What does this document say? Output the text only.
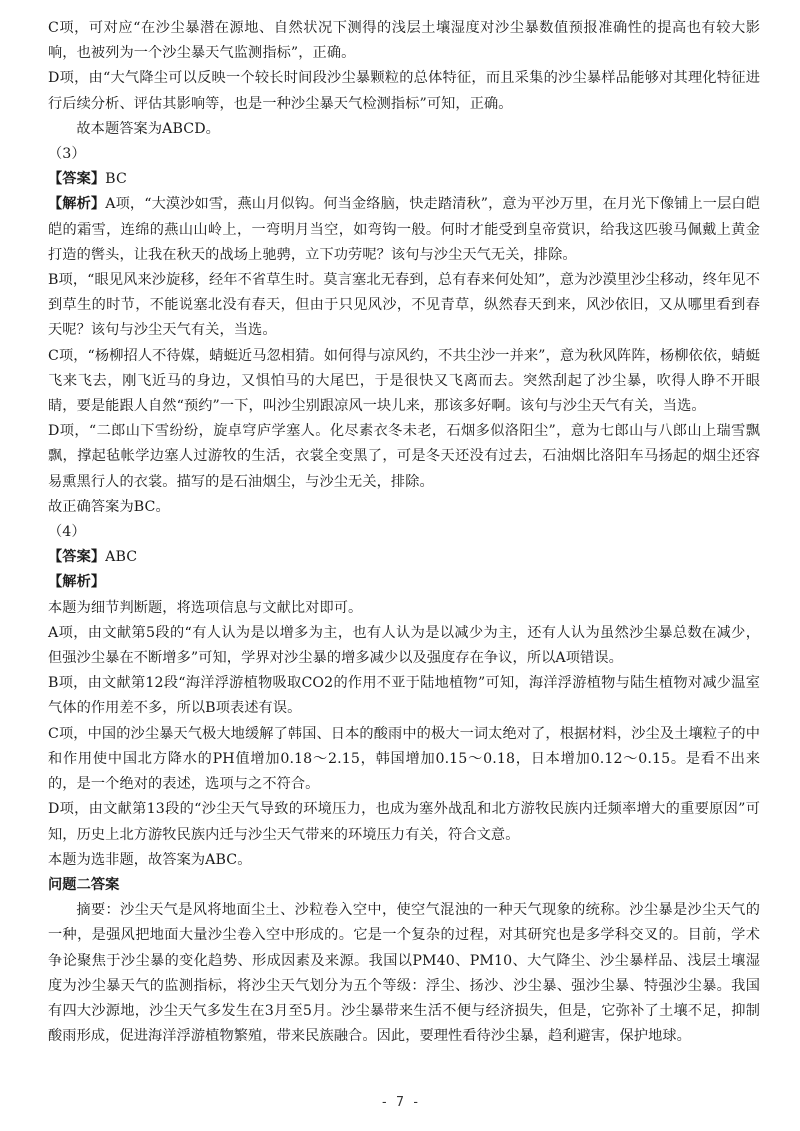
C项，可对应“在沙尘暴潜在源地、自然状况下测得的浅层土壤湿度对沙尘暴数值预报准确性的提高也有较大影响，也被列为一个沙尘暴天气监测指标”，正确。

D项，由“大气降尘可以反映一个较长时间段沙尘暴颗粒的总体特征，而且采集的沙尘暴样品能够对其理化特征进行后续分析、评估其影响等，也是一种沙尘暴天气检测指标”可知，正确。

故本题答案为ABCD。

（3）

【答案】BC

【解析】A项，“大漠沙如雪，燕山月似钩。何当金络脑，快走踏清秋”，意为平沙万里，在月光下像铺上一层白皑皑的霜雪，连绵的燕山山岭上，一弯明月当空，如弯钩一般。何时才能受到皇帝赏识，给我这匹骏马佩戴上黄金打造的辔头，让我在秋天的战场上驰骋，立下功劳呢？该句与沙尘天气无关，排除。

B项，“眼见风来沙旋移，经年不省草生时。莫言塞北无春到，总有春来何处知”，意为沙漠里沙尘移动，终年见不到草生的时节，不能说塞北没有春天，但由于只见风沙，不见青草，纵然春天到来，风沙依旧，又从哪里看到春天呢？该句与沙尘天气有关，当选。

C项，“杨柳招人不待媒，蜻蜓近马忽相猜。如何得与凉风约，不共尘沙一并来”，意为秋风阵阵，杨柳依依，蜻蜓飞来飞去，刚飞近马的身边，又惧怕马的大尾巴，于是很快又飞离而去。突然刮起了沙尘暴，吹得人睁不开眼睛，要是能跟人自然“预约”一下，叫沙尘别跟凉风一块儿来，那该多好啊。该句与沙尘天气有关，当选。

D项，“二郎山下雪纷纷，旋卓穹庐学塞人。化尽素衣冬未老，石烟多似洛阳尘”，意为七郎山与八郎山上瑞雪飘飘，撑起毡帐学边塞人过游牧的生活，衣裳全变黑了，可是冬天还没有过去，石油烟比洛阳车马扬起的烟尘还容易熏黑行人的衣裳。描写的是石油烟尘，与沙尘无关，排除。

故正确答案为BC。

（4）

【答案】ABC

【解析】

本题为细节判断题，将选项信息与文献比对即可。

A项，由文献第5段的“有人认为是以增多为主，也有人认为是以减少为主，还有人认为虽然沙尘暴总数在减少，但强沙尘暴在不断增多”可知，学界对沙尘暴的增多减少以及强度存在争议，所以A项错误。

B项，由文献第12段“海洋浮游植物吸取CO2的作用不亚于陆地植物”可知，海洋浮游植物与陆生植物对减少温室气体的作用差不多，所以B项表述有误。

C项，中国的沙尘暴天气极大地缓解了韩国、日本的酸雨中的极大一词太绝对了，根据材料，沙尘及土壤粒子的中和作用使中国北方降水的PH值增加0.18～2.15，韩国增加0.15～0.18，日本增加0.12～0.15。是看不出来的，是一个绝对的表述，选项与之不符合。

D项，由文献第13段的“沙尘天气导致的环境压力，也成为塞外战乱和北方游牧民族内迁频率增大的重要原因”可知，历史上北方游牧民族内迁与沙尘天气带来的环境压力有关，符合文意。

本题为选非题，故答案为ABC。

问题二答案

摘要：沙尘天气是风将地面尘土、沙粒卷入空中，使空气混浊的一种天气现象的统称。沙尘暴是沙尘天气的一种，是强风把地面大量沙尘卷入空中形成的。它是一个复杂的过程，对其研究也是多学科交叉的。目前，学术争论聚焦于沙尘暴的变化趋势、形成因素及来源。我国以PM40、PM10、大气降尘、沙尘暴样品、浅层土壤湿度为沙尘暴天气的监测指标，将沙尘天气划分为五个等级：浮尘、扬沙、沙尘暴、强沙尘暴、特强沙尘暴。我国有四大沙源地，沙尘天气多发生在3月至5月。沙尘暴带来生活不便与经济损失，但是，它弥补了土壤不足，抑制酸雨形成，促进海洋浮游植物繁殖，带来民族融合。因此，要理性看待沙尘暴，趋利避害，保护地球。

- 7 -
